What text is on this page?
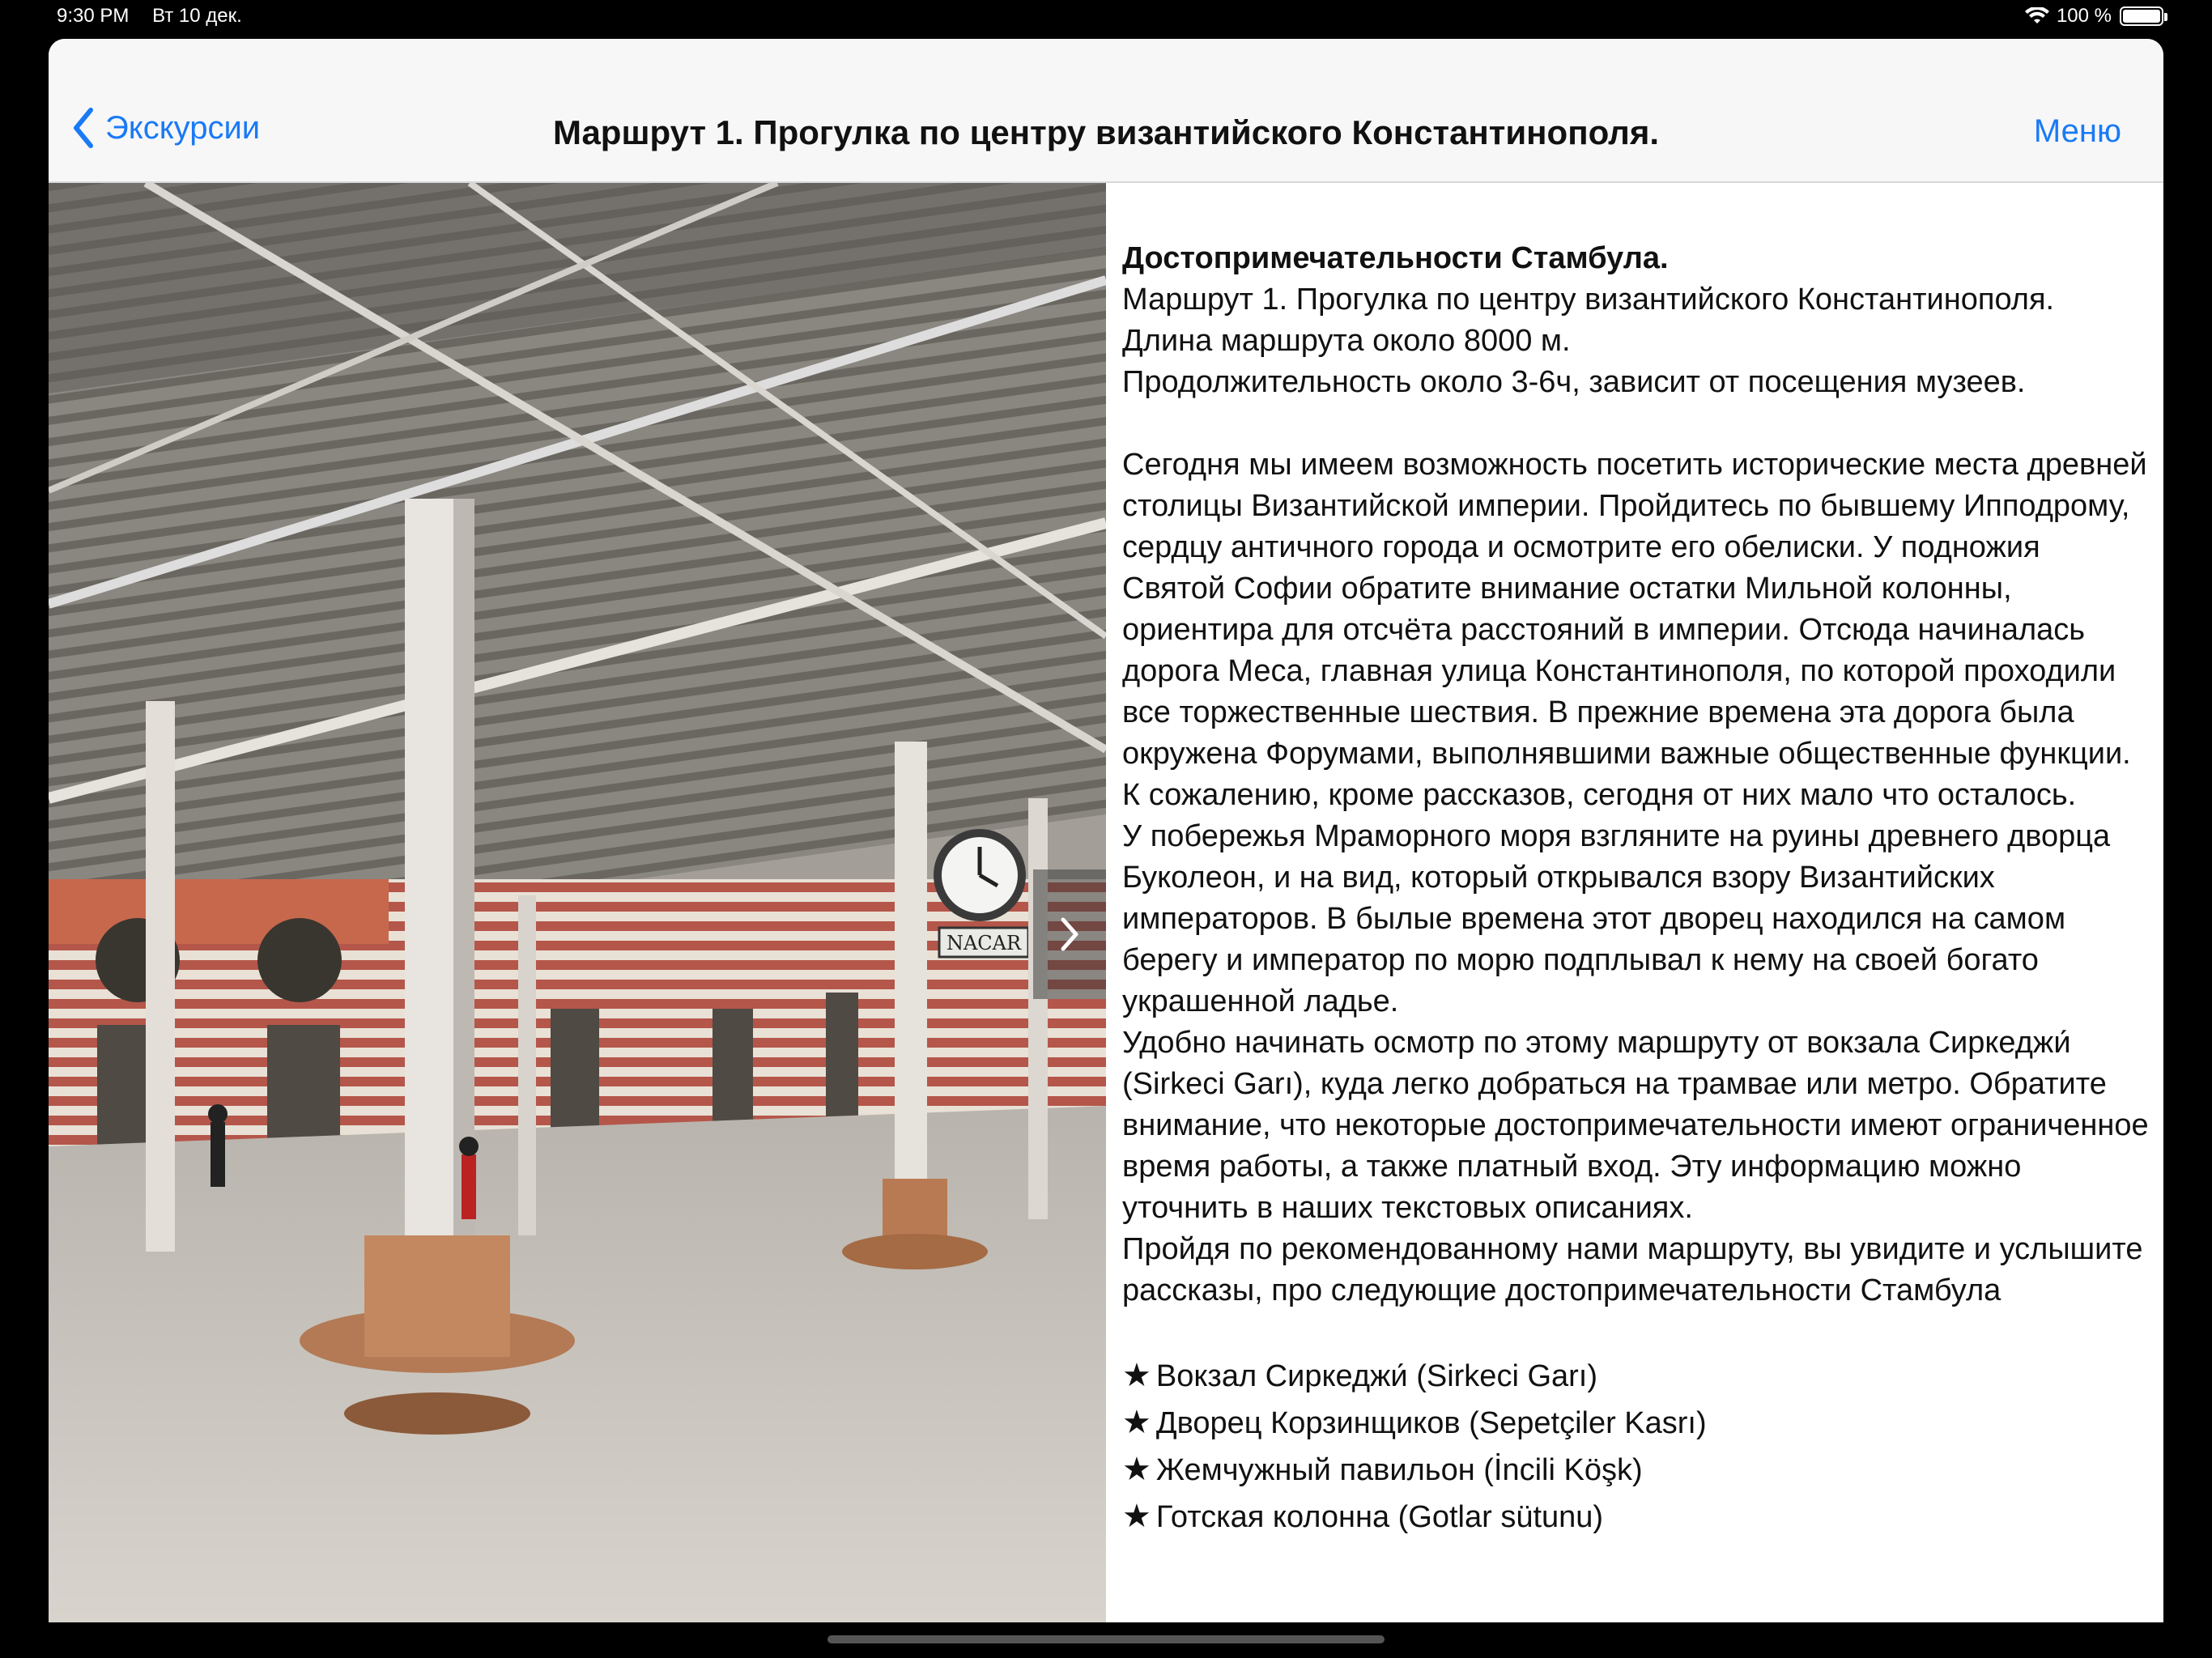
9:30 PM Вт 10 дек.	100 %
Экскурсии	Маршрут 1. Прогулка по центру византийского Константинополя.	Меню
NACAR

Достопримечательности Стамбула.

Маршрут 1. Прогулка по центру византийского Константинополя.

Длина маршрута около 8000 м.

Продолжительность около 3-6ч, зависит от посещения музеев.

Сегодня мы имеем возможность посетить исторические места древней столицы Византийской империи. Пройдитесь по бывшему Ипподрому, сердцу античного города и осмотрите его обелиски. У подножия Святой Софии обратите внимание остатки Мильной колонны, ориентира для отсчёта расстояний в империи. Отсюда начиналась дорога Меса, главная улица Константинополя, по которой проходили все торжественные шествия. В прежние времена эта дорога была окружена Форумами, выполнявшими важные общественные функции. К сожалению, кроме рассказов, сегодня от них мало что осталось.

У побережья Мраморного моря взгляните на руины древнего дворца Буколеон, и на вид, который открывался взору Византийских императоров. В былые времена этот дворец находился на самом берегу и император по морю подплывал к нему на своей богато украшенной ладье.

Удобно начинать осмотр по этому маршруту от вокзала Сиркеджи́ (Sirkeci Garı), куда легко добраться на трамвае или метро. Обратите внимание, что некоторые достопримечательности имеют ограниченное время работы, а также платный вход. Эту информацию можно уточнить в наших текстовых описаниях.

Пройдя по рекомендованному нами маршруту, вы увидите и услышите рассказы, про следующие достопримечательности Стамбула

★ Вокзал Сиркеджи́ (Sirkeci Garı)
★ Дворец Корзинщиков (Sepetçiler Kasrı)
★ Жемчужный павильон (İncili Köşk)
★ Готская колонна (Gotlar sütunu)
